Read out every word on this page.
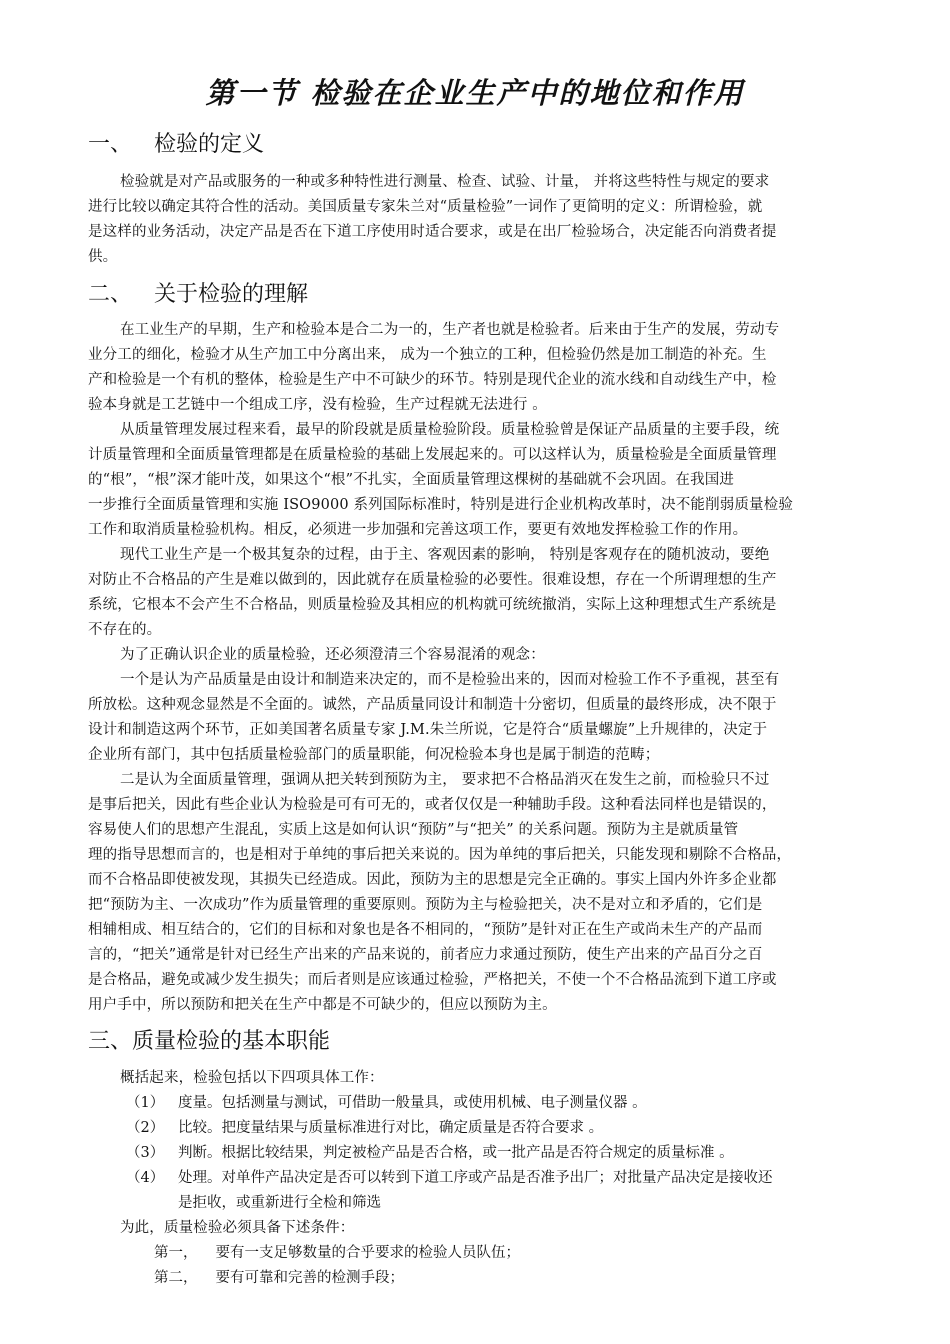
第一节 检验在企业生产中的地位和作用
一、 检验的定义
检验就是对产品或服务的一种或多种特性进行测量、检查、试验、计量， 并将这些特性与规定的要求
进行比较以确定其符合性的活动。美国质量专家朱兰对“质量检验”一词作了更简明的定义：所谓检验，就
是这样的业务活动，决定产品是否在下道工序使用时适合要求，或是在出厂检验场合，决定能否向消费者提
供。
二、 关于检验的理解
在工业生产的早期，生产和检验本是合二为一的，生产者也就是检验者。后来由于生产的发展，劳动专
业分工的细化，检验才从生产加工中分离出来， 成为一个独立的工种，但检验仍然是加工制造的补充。生
产和检验是一个有机的整体，检验是生产中不可缺少的环节。特别是现代企业的流水线和自动线生产中，检
验本身就是工艺链中一个组成工序，没有检验，生产过程就无法进行 。
从质量管理发展过程来看，最早的阶段就是质量检验阶段。质量检验曾是保证产品质量的主要手段，统
计质量管理和全面质量管理都是在质量检验的基础上发展起来的。可以这样认为，质量检验是全面质量管理
的“根”，“根”深才能叶茂，如果这个“根”不扎实，全面质量管理这棵树的基础就不会巩固。在我国进
一步推行全面质量管理和实施 ISO9000 系列国际标准时，特别是进行企业机构改革时，决不能削弱质量检验
工作和取消质量检验机构。相反，必须进一步加强和完善这项工作，要更有效地发挥检验工作的作用。
现代工业生产是一个极其复杂的过程，由于主、客观因素的影响， 特别是客观存在的随机波动，要绝
对防止不合格品的产生是难以做到的，因此就存在质量检验的必要性。很难设想，存在一个所谓理想的生产
系统，它根本不会产生不合格品，则质量检验及其相应的机构就可统统撤消，实际上这种理想式生产系统是
不存在的。
为了正确认识企业的质量检验，还必须澄清三个容易混淆的观念：
一个是认为产品质量是由设计和制造来决定的，而不是检验出来的，因而对检验工作不予重视，甚至有
所放松。这种观念显然是不全面的。诚然，产品质量同设计和制造十分密切，但质量的最终形成，决不限于
设计和制造这两个环节，正如美国著名质量专家 J.M.朱兰所说，它是符合“质量螺旋”上升规律的，决定于
企业所有部门，其中包括质量检验部门的质量职能，何况检验本身也是属于制造的范畴；
二是认为全面质量管理，强调从把关转到预防为主， 要求把不合格品消灭在发生之前，而检验只不过
是事后把关，因此有些企业认为检验是可有可无的，或者仅仅是一种辅助手段。这种看法同样也是错误的，
容易使人们的思想产生混乱，实质上这是如何认识“预防”与“把关” 的关系问题。预防为主是就质量管
理的指导思想而言的，也是相对于单纯的事后把关来说的。因为单纯的事后把关，只能发现和剔除不合格品，
而不合格品即使被发现，其损失已经造成。因此，预防为主的思想是完全正确的。事实上国内外许多企业都
把“预防为主、一次成功”作为质量管理的重要原则。预防为主与检验把关，决不是对立和矛盾的，它们是
相辅相成、相互结合的，它们的目标和对象也是各不相同的，“预防”是针对正在生产或尚未生产的产品而
言的，“把关”通常是针对已经生产出来的产品来说的，前者应力求通过预防，使生产出来的产品百分之百
是合格品，避免或减少发生损失；而后者则是应该通过检验，严格把关，不使一个不合格品流到下道工序或
用户手中，所以预防和把关在生产中都是不可缺少的，但应以预防为主。
三、质量检验的基本职能
概括起来，检验包括以下四项具体工作：
（1） 度量。包括测量与测试，可借助一般量具，或使用机械、电子测量仪器 。
（2） 比较。把度量结果与质量标准进行对比，确定质量是否符合要求 。
（3） 判断。根据比较结果，判定被检产品是否合格，或一批产品是否符合规定的质量标准 。
（4） 处理。对单件产品决定是否可以转到下道工序或产品是否准予出厂；对批量产品决定是接收还
是拒收，或重新进行全检和筛选
为此，质量检验必须具备下述条件：
第一， 要有一支足够数量的合乎要求的检验人员队伍；
第二， 要有可靠和完善的检测手段；
